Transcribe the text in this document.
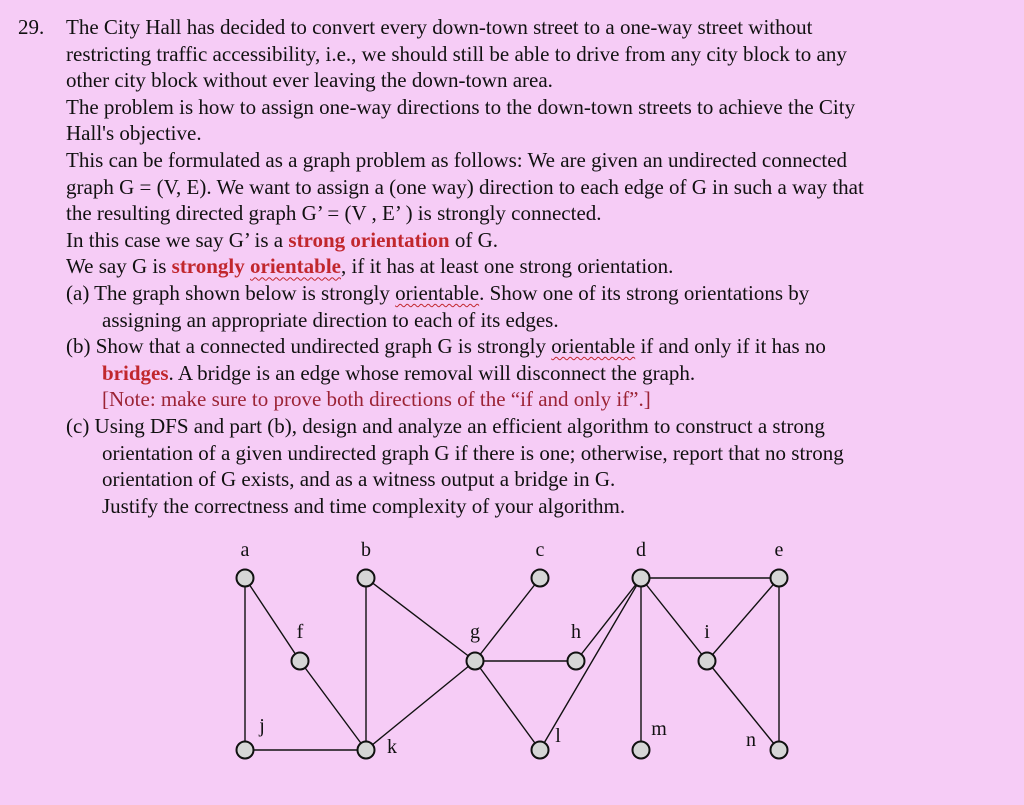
29. The City Hall has decided to convert every down-town street to a one-way street without
restricting traffic accessibility, i.e., we should still be able to drive from any city block to any
other city block without ever leaving the down-town area.
The problem is how to assign one-way directions to the down-town streets to achieve the City
Hall's objective.
This can be formulated as a graph problem as follows: We are given an undirected connected
graph G = (V, E). We want to assign a (one way) direction to each edge of G in such a way that
the resulting directed graph G’ = (V , E’ ) is strongly connected.
In this case we say G’ is a strong orientation of G.
We say G is strongly orientable, if it has at least one strong orientation.
(a) The graph shown below is strongly orientable. Show one of its strong orientations by
assigning an appropriate direction to each of its edges.
(b) Show that a connected undirected graph G is strongly orientable if and only if it has no
bridges. A bridge is an edge whose removal will disconnect the graph.
[Note: make sure to prove both directions of the “if and only if”.]
(c) Using DFS and part (b), design and analyze an efficient algorithm to construct a strong
orientation of a given undirected graph G if there is one; otherwise, report that no strong
orientation of G exists, and as a witness output a bridge in G.
Justify the correctness and time complexity of your algorithm.
a	b	c	d	e
f	g	h	i
j
k	l	m	n
